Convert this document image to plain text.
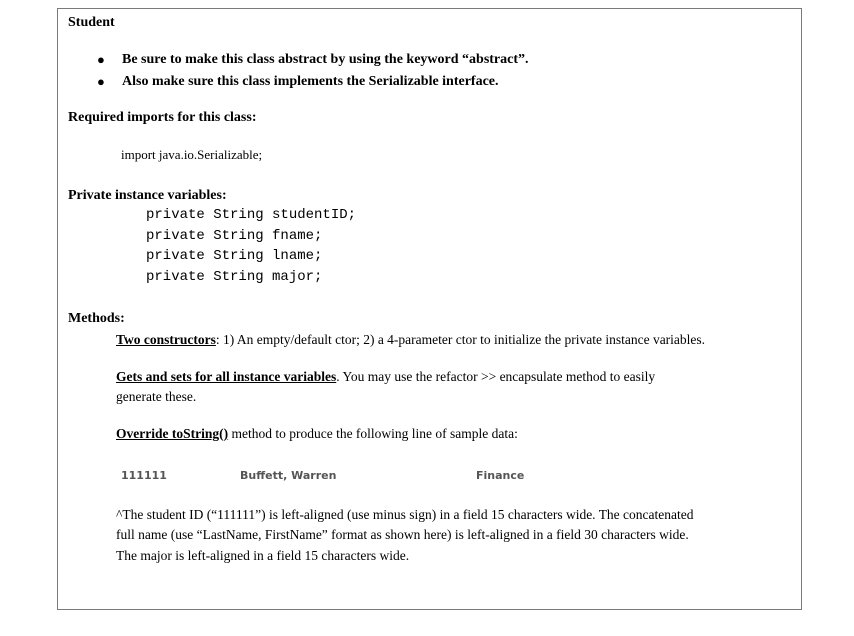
Student
● Be sure to make this class abstract by using the keyword “abstract”.
● Also make sure this class implements the Serializable interface.
Required imports for this class:
import java.io.Serializable;
Private instance variables:
private String studentID;
private String fname;
private String lname;
private String major;
Methods:
Two constructors: 1) An empty/default ctor; 2) a 4-parameter ctor to initialize the private instance variables.
Gets and sets for all instance variables. You may use the refactor >> encapsulate method to easily
generate these.
Override toString() method to produce the following line of sample data:
111111	Buffett, Warren	Finance
^The student ID (“111111”) is left-aligned (use minus sign) in a field 15 characters wide. The concatenated
full name (use “LastName, FirstName” format as shown here) is left-aligned in a field 30 characters wide.
The major is left-aligned in a field 15 characters wide.
